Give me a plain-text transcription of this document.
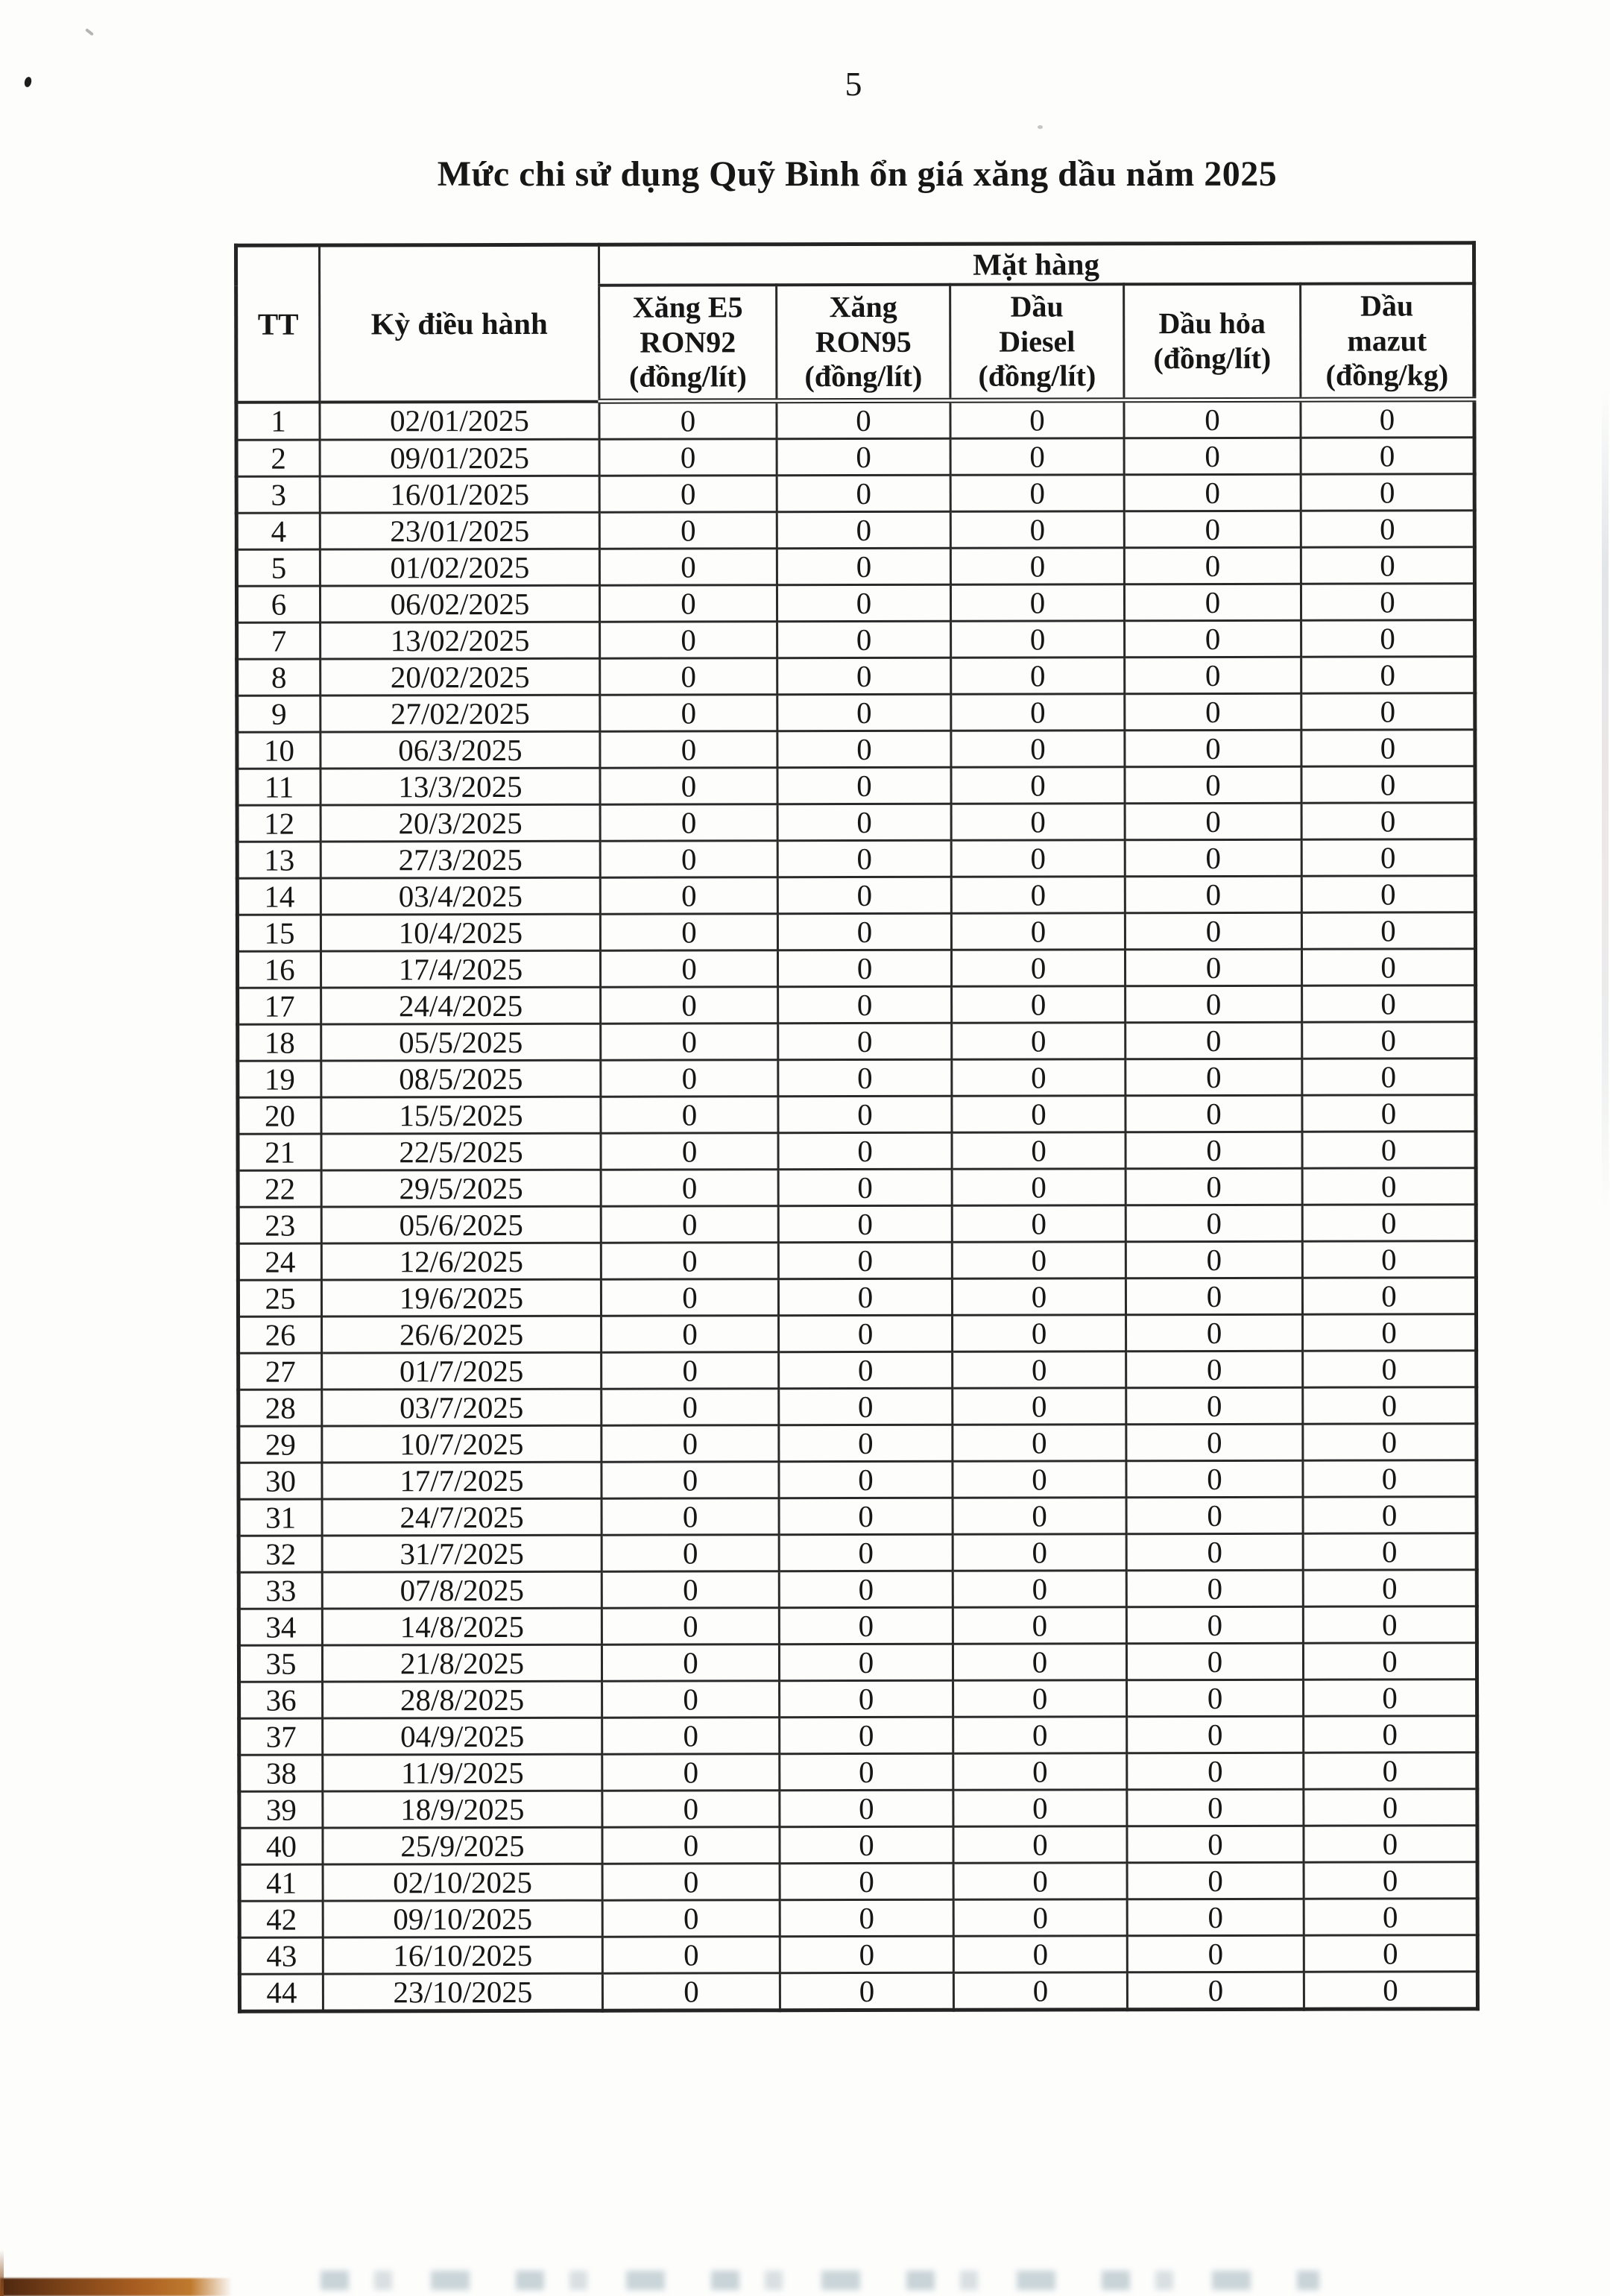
5
Mức chi sử dụng Quỹ Bình ổn giá xăng dầu năm 2025
TT	Kỳ điều hành	Mặt hàng				

		Xăng E5
RON92
(đồng/lít)	Xăng
RON95
(đồng/lít)	Dầu
Diesel
(đồng/lít)	Dầu hỏa
(đồng/lít)	Dầu
mazut
(đồng/kg)

1	02/01/2025	0	0	0	0	0
2	09/01/2025	0	0	0	0	0
3	16/01/2025	0	0	0	0	0
4	23/01/2025	0	0	0	0	0
5	01/02/2025	0	0	0	0	0
6	06/02/2025	0	0	0	0	0
7	13/02/2025	0	0	0	0	0
8	20/02/2025	0	0	0	0	0
9	27/02/2025	0	0	0	0	0
10	06/3/2025	0	0	0	0	0
11	13/3/2025	0	0	0	0	0
12	20/3/2025	0	0	0	0	0
13	27/3/2025	0	0	0	0	0
14	03/4/2025	0	0	0	0	0
15	10/4/2025	0	0	0	0	0
16	17/4/2025	0	0	0	0	0
17	24/4/2025	0	0	0	0	0
18	05/5/2025	0	0	0	0	0
19	08/5/2025	0	0	0	0	0
20	15/5/2025	0	0	0	0	0
21	22/5/2025	0	0	0	0	0
22	29/5/2025	0	0	0	0	0
23	05/6/2025	0	0	0	0	0
24	12/6/2025	0	0	0	0	0
25	19/6/2025	0	0	0	0	0
26	26/6/2025	0	0	0	0	0
27	01/7/2025	0	0	0	0	0
28	03/7/2025	0	0	0	0	0
29	10/7/2025	0	0	0	0	0
30	17/7/2025	0	0	0	0	0
31	24/7/2025	0	0	0	0	0
32	31/7/2025	0	0	0	0	0
33	07/8/2025	0	0	0	0	0
34	14/8/2025	0	0	0	0	0
35	21/8/2025	0	0	0	0	0
36	28/8/2025	0	0	0	0	0
37	04/9/2025	0	0	0	0	0
38	11/9/2025	0	0	0	0	0
39	18/9/2025	0	0	0	0	0
40	25/9/2025	0	0	0	0	0
41	02/10/2025	0	0	0	0	0
42	09/10/2025	0	0	0	0	0
43	16/10/2025	0	0	0	0	0
44	23/10/2025	0	0	0	0	0
